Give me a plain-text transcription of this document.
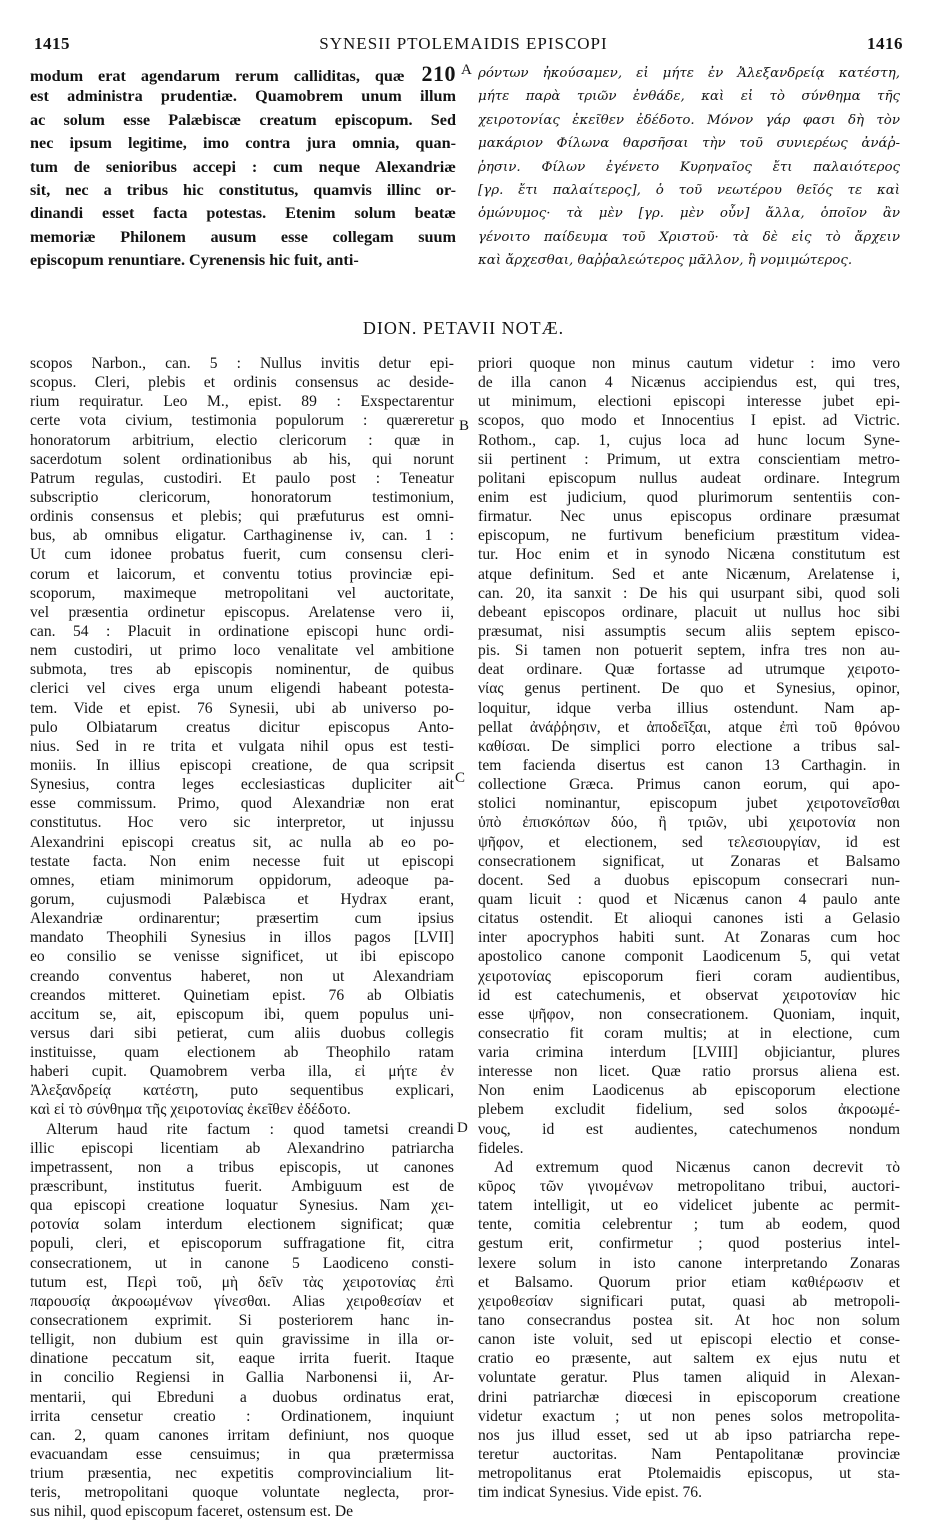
1415	SYNESII PTOLEMAIDIS EPISCOPI	1416
modum erat agendarum rerum calliditas, quæ 210
est administra prudentiæ. Quamobrem unum illum
ac solum esse Palæbiscæ creatum episcopum. Sed
nec ipsum legitime, imo contra jura omnia, quan-
tum de senioribus accepi : cum neque Alexandriæ
sit, nec a tribus hic constitutus, quamvis illinc or-
dinandi esset facta potestas. Etenim solum beatæ
memoriæ Philonem ausum esse collegam suum
episcopum renuntiare. Cyrenensis hic fuit, anti-
ρόντων ἠκούσαμεν, εἰ μήτε ἐν Ἀλεξανδρείᾳ κατέστη,
μήτε παρὰ τριῶν ἐνθάδε, καὶ εἰ τὸ σύνθημα τῆς
χειροτονίας ἐκεῖθεν ἐδέδοτο. Μόνον γάρ φασι δὴ τὸν
μακάριον Φίλωνα θαρσῆσαι τὴν τοῦ συνιερέως ἀνάῤ-
ῥησιν. Φίλων ἐγένετο Κυρηναῖος ἔτι παλαιότερος
[γρ. ἔτι παλαίτερος], ὁ τοῦ νεωτέρου θεῖός τε καὶ
ὁμώνυμος· τὰ μὲν [γρ. μὲν οὖν] ἄλλα, ὁποῖον ἂν
γένοιτο παίδευμα τοῦ Χριστοῦ· τὰ δὲ εἰς τὸ ἄρχειν
καὶ ἄρχεσθαι, θαῤῥαλεώτερος μᾶλλον, ἢ νομιμώτερος.
A
DION. PETAVII NOTÆ.
scopos Narbon., can. 5 : Nullus invitis detur epi-
scopus. Cleri, plebis et ordinis consensus ac deside-
rium requiratur. Leo M., epist. 89 : Exspectarentur
certe vota civium, testimonia populorum : quæreretur
honoratorum arbitrium, electio clericorum : quæ in
sacerdotum solent ordinationibus ab his, qui norunt
Patrum regulas, custodiri. Et paulo post : Teneatur
subscriptio clericorum, honoratorum testimonium,
ordinis consensus et plebis; qui præfuturus est omni-
bus, ab omnibus eligatur. Carthaginense iv, can. 1 :
Ut cum idonee probatus fuerit, cum consensu cleri-
corum et laicorum, et conventu totius provinciæ epi-
scoporum, maximeque metropolitani vel auctoritate,
vel præsentia ordinetur episcopus. Arelatense vero ii,
can. 54 : Placuit in ordinatione episcopi hunc ordi-
nem custodiri, ut primo loco venalitate vel ambitione
submota, tres ab episcopis nominentur, de quibus
clerici vel cives erga unum eligendi habeant potesta-
tem. Vide et epist. 76 Synesii, ubi ab universo po-
pulo Olbiatarum creatus dicitur episcopus Anto-
nius. Sed in re trita et vulgata nihil opus est testi-
moniis. In illius episcopi creatione, de qua scripsit
Synesius, contra leges ecclesiasticas dupliciter ait
esse commissum. Primo, quod Alexandriæ non erat
constitutus. Hoc vero sic interpretor, ut injussu
Alexandrini episcopi creatus sit, ac nulla ab eo po-
testate facta. Non enim necesse fuit ut episcopi
omnes, etiam minimorum oppidorum, adeoque pa-
gorum, cujusmodi Palæbisca et Hydrax erant,
Alexandriæ ordinarentur; præsertim cum ipsius
mandato Theophili Synesius in illos pagos [LVII]
eo consilio se venisse significet, ut ibi episcopo
creando conventus haberet, non ut Alexandriam
creandos mitteret. Quinetiam epist. 76 ab Olbiatis
accitum se, ait, episcopum ibi, quem populus uni-
versus dari sibi petierat, cum aliis duobus collegis
instituisse, quam electionem ab Theophilo ratam
haberi cupit. Quamobrem verba illa, εἰ μήτε ἐν
Ἀλεξανδρείᾳ κατέστη, puto sequentibus explicari,
καὶ εἰ τὸ σύνθημα τῆς χειροτονίας ἐκεῖθεν ἐδέδοτο.
Alterum haud rite factum : quod tametsi creandi
illic episcopi licentiam ab Alexandrino patriarcha
impetrassent, non a tribus episcopis, ut canones
præscribunt, institutus fuerit. Ambiguum est de
qua episcopi creatione loquatur Synesius. Nam χει-
ροτονία solam interdum electionem significat; quæ
populi, cleri, et episcoporum suffragatione fit, citra
consecrationem, ut in canone 5 Laodiceno consti-
tutum est, Περὶ τοῦ, μὴ δεῖν τὰς χειροτονίας ἐπὶ
παρουσίᾳ ἀκροωμένων γίνεσθαι. Alias χειροθεσίαν et
consecrationem exprimit. Si posteriorem hanc in-
telligit, non dubium est quin gravissime in illa or-
dinatione peccatum sit, eaque irrita fuerit. Itaque
in concilio Regiensi in Gallia Narbonensi ii, Ar-
mentarii, qui Ebreduni a duobus ordinatus erat,
irrita censetur creatio : Ordinationem, inquiunt
can. 2, quam canones irritam definiunt, nos quoque
evacuandam esse censuimus; in qua prætermissa
trium præsentia, nec expetitis comprovincialium lit-
teris, metropolitani quoque voluntate neglecta, pror-
sus nihil, quod episcopum faceret, ostensum est. De
priori quoque non minus cautum videtur : imo vero
de illa canon 4 Nicænus accipiendus est, qui tres,
ut minimum, electioni episcopi interesse jubet epi-
scopos, quo modo et Innocentius I epist. ad Victric.
Rothom., cap. 1, cujus loca ad hunc locum Syne-
sii pertinent : Primum, ut extra conscientiam metro-
politani episcopum nullus audeat ordinare. Integrum
enim est judicium, quod plurimorum sententiis con-
firmatur. Nec unus episcopus ordinare præsumat
episcopum, ne furtivum beneficium præstitum videa-
tur. Hoc enim et in synodo Nicæna constitutum est
atque definitum. Sed et ante Nicænum, Arelatense i,
can. 20, ita sanxit : De his qui usurpant sibi, quod soli
debeant episcopos ordinare, placuit ut nullus hoc sibi
præsumat, nisi assumptis secum aliis septem episco-
pis. Si tamen non potuerit septem, infra tres non au-
deat ordinare. Quæ fortasse ad utrumque χειροτο-
νίας genus pertinent. De quo et Synesius, opinor,
loquitur, idque verba illius ostendunt. Nam ap-
pellat ἀνάῤῥησιν, et ἀποδεῖξαι, atque ἐπὶ τοῦ θρόνου
καθίσαι. De simplici porro electione a tribus sal-
tem facienda disertus est canon 13 Carthagin. in
collectione Græca. Primus canon eorum, qui apo-
stolici nominantur, episcopum jubet χειροτονεῖσθαι
ὑπὸ ἐπισκόπων δύο, ἢ τριῶν, ubi χειροτονία non
ψῆφον, et electionem, sed τελεσιουργίαν, id est
consecrationem significat, ut Zonaras et Balsamo
docent. Sed a duobus episcopum consecrari nun-
quam licuit : quod et Nicænus canon 4 paulo ante
citatus ostendit. Et alioqui canones isti a Gelasio
inter apocryphos habiti sunt. At Zonaras cum hoc
apostolico canone componit Laodicenum 5, qui vetat
χειροτονίας episcoporum fieri coram audientibus,
id est catechumenis, et observat χειροτονίαν hic
esse ψῆφον, non consecrationem. Quoniam, inquit,
consecratio fit coram multis; at in electione, cum
varia crimina interdum [LVIII] objiciantur, plures
interesse non licet. Quæ ratio prorsus aliena est.
Non enim Laodicenus ab episcoporum electione
plebem excludit fidelium, sed solos ἀκροωμέ-
νους, id est audientes, catechumenos nondum
fideles.
Ad extremum quod Nicænus canon decrevit τὸ
κῦρος τῶν γινομένων metropolitano tribui, auctori-
tatem intelligit, ut eo videlicet jubente ac permit-
tente, comitia celebrentur ; tum ab eodem, quod
gestum erit, confirmetur ; quod posterius intel-
lexere solum in isto canone interpretando Zonaras
et Balsamo. Quorum prior etiam καθιέρωσιν et
χειροθεσίαν significari putat, quasi ab metropoli-
tano consecrandus postea sit. At hoc non solum
canon iste voluit, sed ut episcopi electio et conse-
cratio eo præsente, aut saltem ex ejus nutu et
voluntate geratur. Plus tamen aliquid in Alexan-
drini patriarchæ diœcesi in episcoporum creatione
videtur exactum ; ut non penes solos metropolita-
nos jus illud esset, sed ut ab ipso patriarcha repe-
teretur auctoritas. Nam Pentapolitanæ provinciæ
metropolitanus erat Ptolemaidis episcopus, ut sta-
tim indicat Synesius. Vide epist. 76.
B
C
D
